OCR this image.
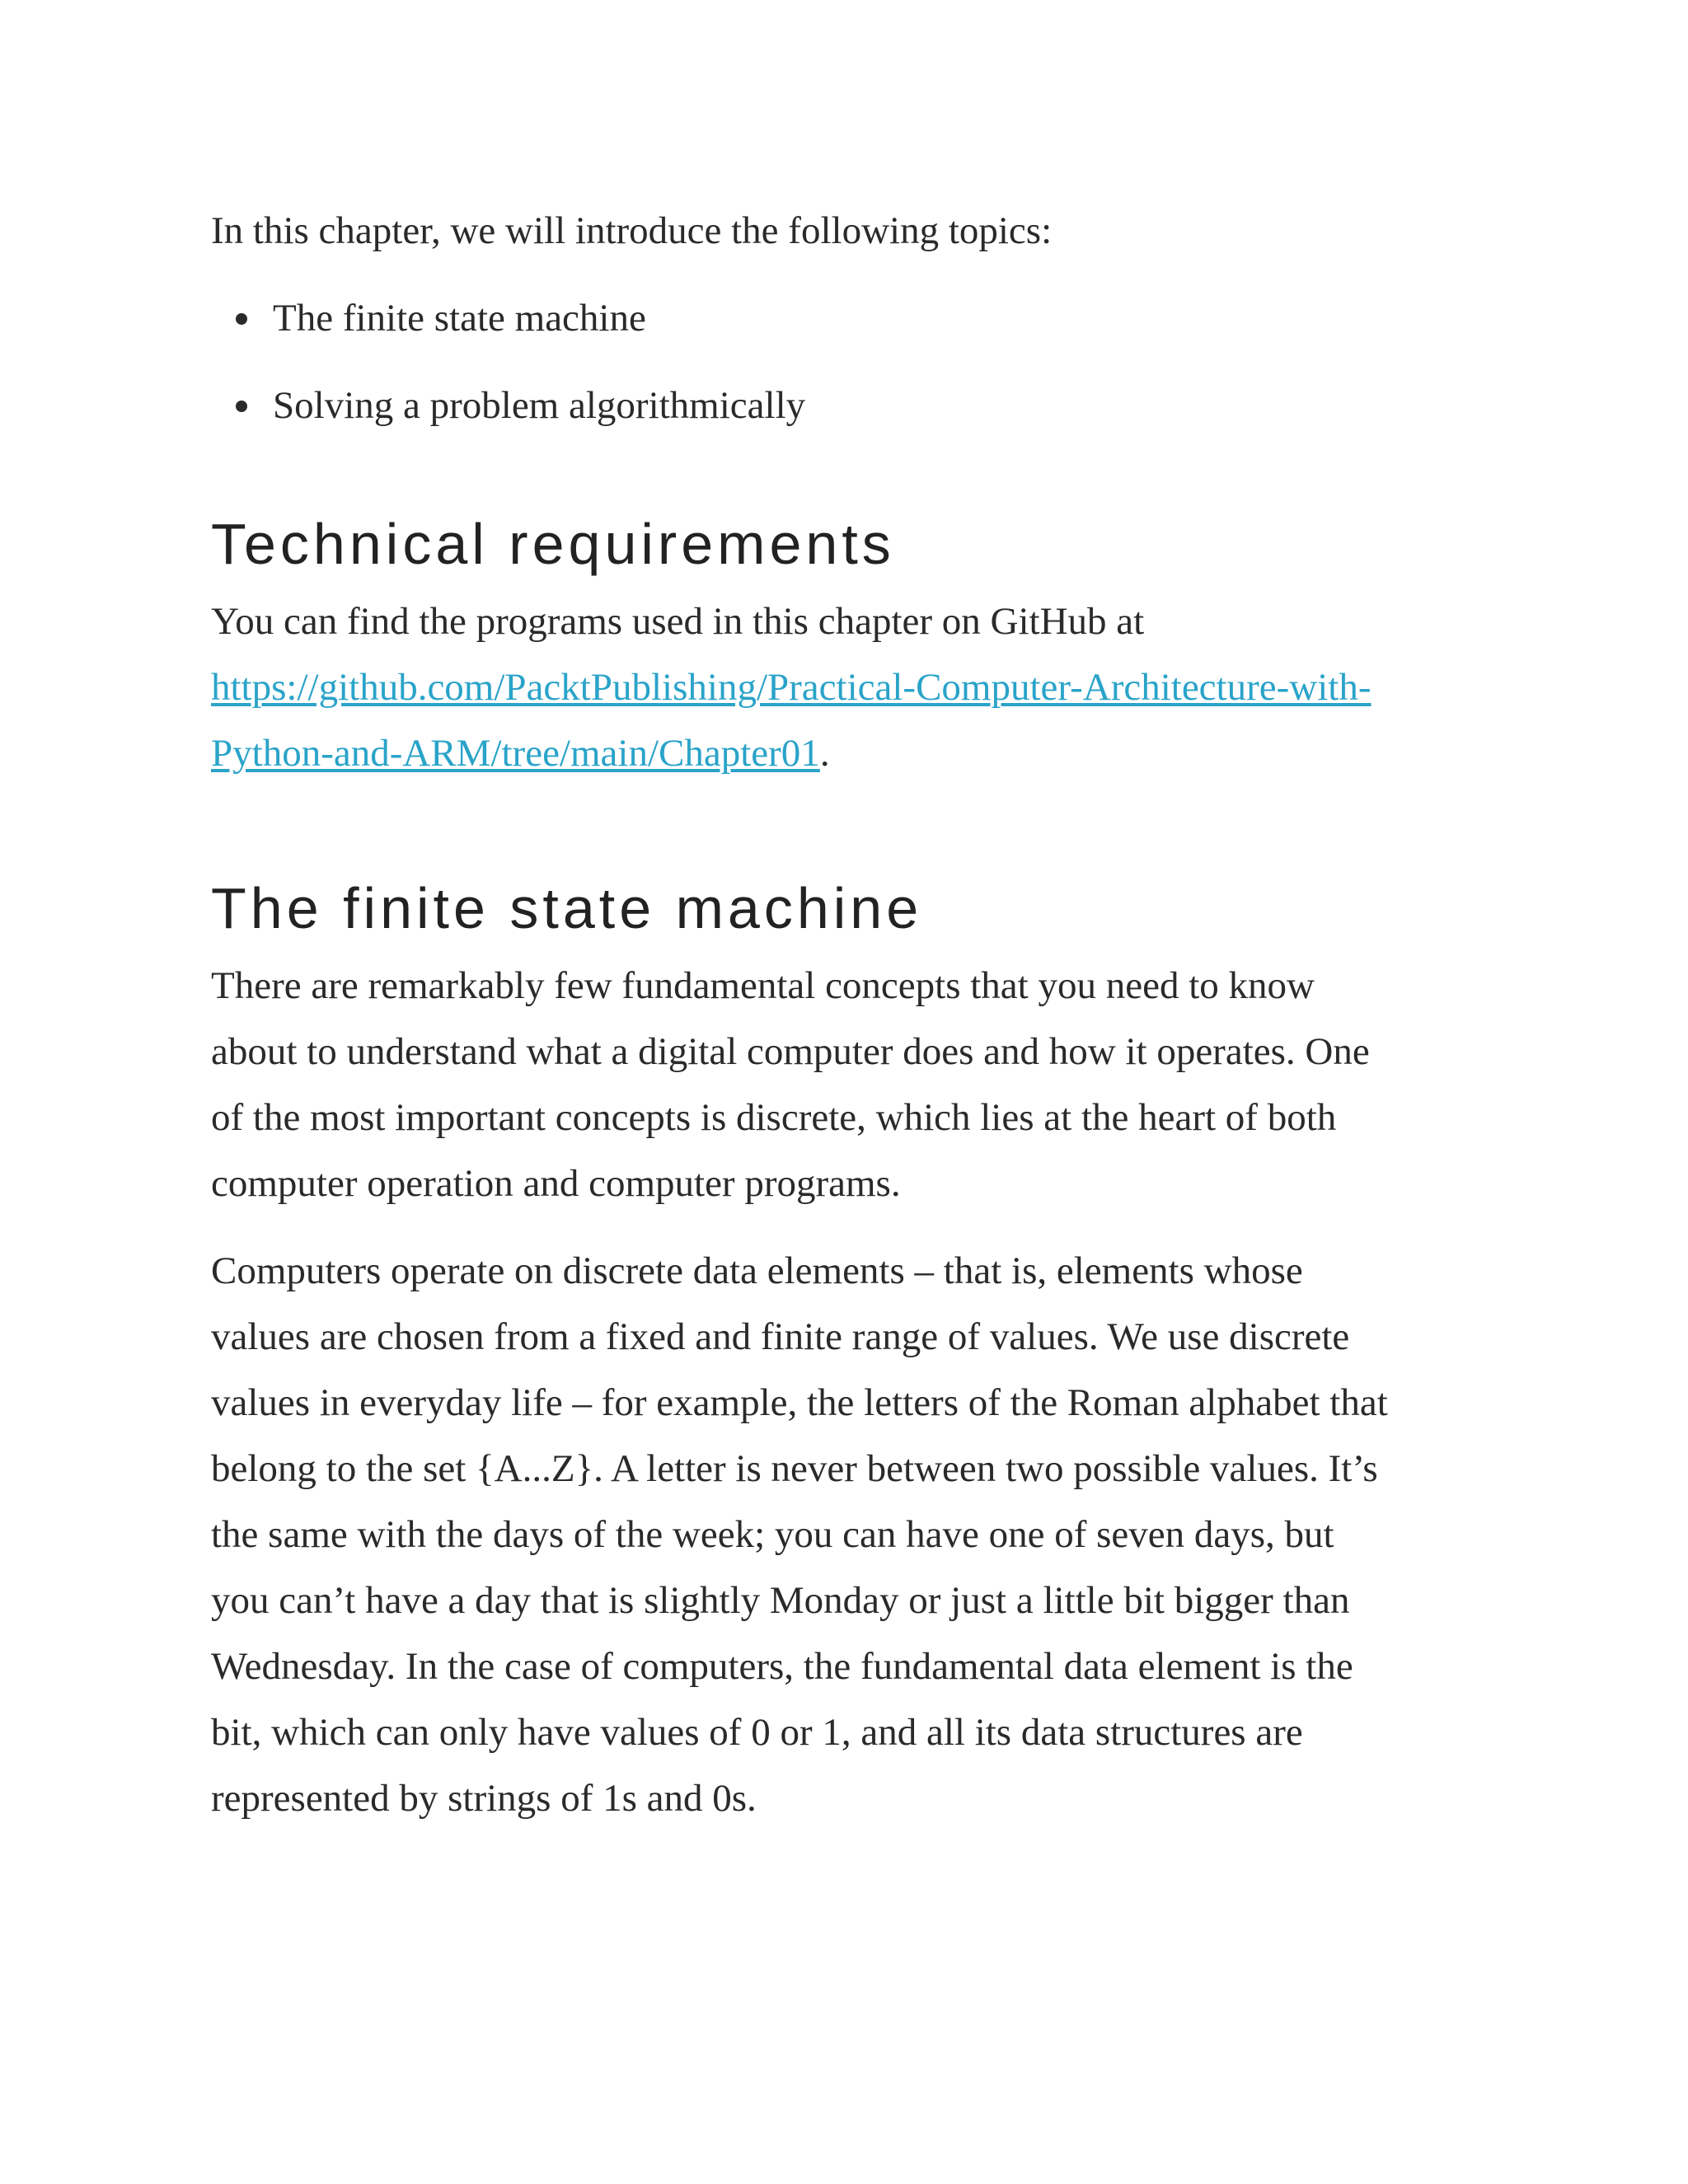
In this chapter, we will introduce the following topics:

The finite state machine
Solving a problem algorithmically
Technical requirements

You can find the programs used in this chapter on GitHub at
https://github.com/PacktPublishing/Practical-Computer-Architecture-with-
Python-and-ARM/tree/main/Chapter01.

The finite state machine

There are remarkably few fundamental concepts that you need to know
about to understand what a digital computer does and how it operates. One
of the most important concepts is discrete, which lies at the heart of both
computer operation and computer programs.

Computers operate on discrete data elements – that is, elements whose
values are chosen from a fixed and finite range of values. We use discrete
values in everyday life – for example, the letters of the Roman alphabet that
belong to the set {A...Z}. A letter is never between two possible values. It’s
the same with the days of the week; you can have one of seven days, but
you can’t have a day that is slightly Monday or just a little bit bigger than
Wednesday. In the case of computers, the fundamental data element is the
bit, which can only have values of 0 or 1, and all its data structures are
represented by strings of 1s and 0s.
